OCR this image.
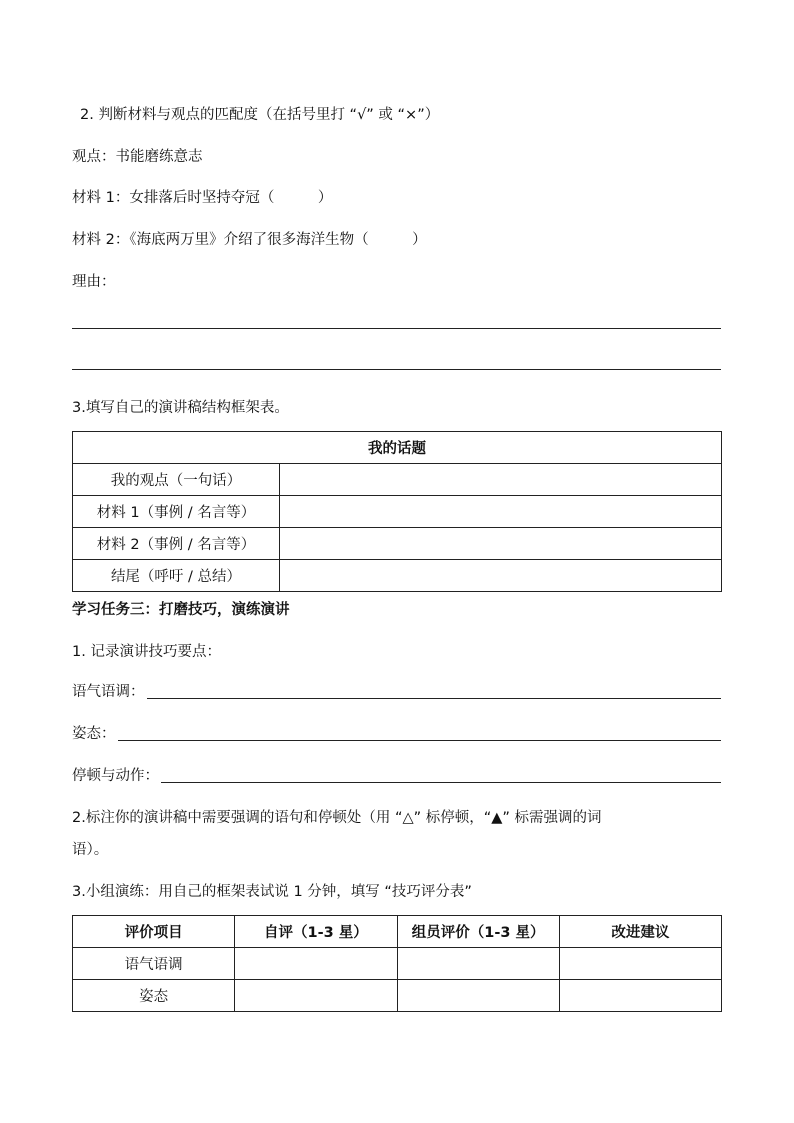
2. 判断材料与观点的匹配度（在括号里打 “√” 或 “×”）
观点：书能磨练意志
材料 1：女排落后时坚持夺冠（　　　）
材料 2：《海底两万里》介绍了很多海洋生物（　　　）
理由：
3.填写自己的演讲稿结构框架表。
我的话题	
我的观点（一句话）	
材料 1（事例 / 名言等）	
材料 2（事例 / 名言等）	
结尾（呼吁 / 总结）	
学习任务三：打磨技巧，演练演讲
1. 记录演讲技巧要点：
语气语调：
姿态：
停顿与动作：
2.标注你的演讲稿中需要强调的语句和停顿处（用 “△” 标停顿，“▲” 标需强调的词
语）。
3.小组演练：用自己的框架表试说 1 分钟，填写 “技巧评分表”
评价项目	自评（1-3 星）	组员评价（1-3 星）	改进建议
语气语调			
姿态			
